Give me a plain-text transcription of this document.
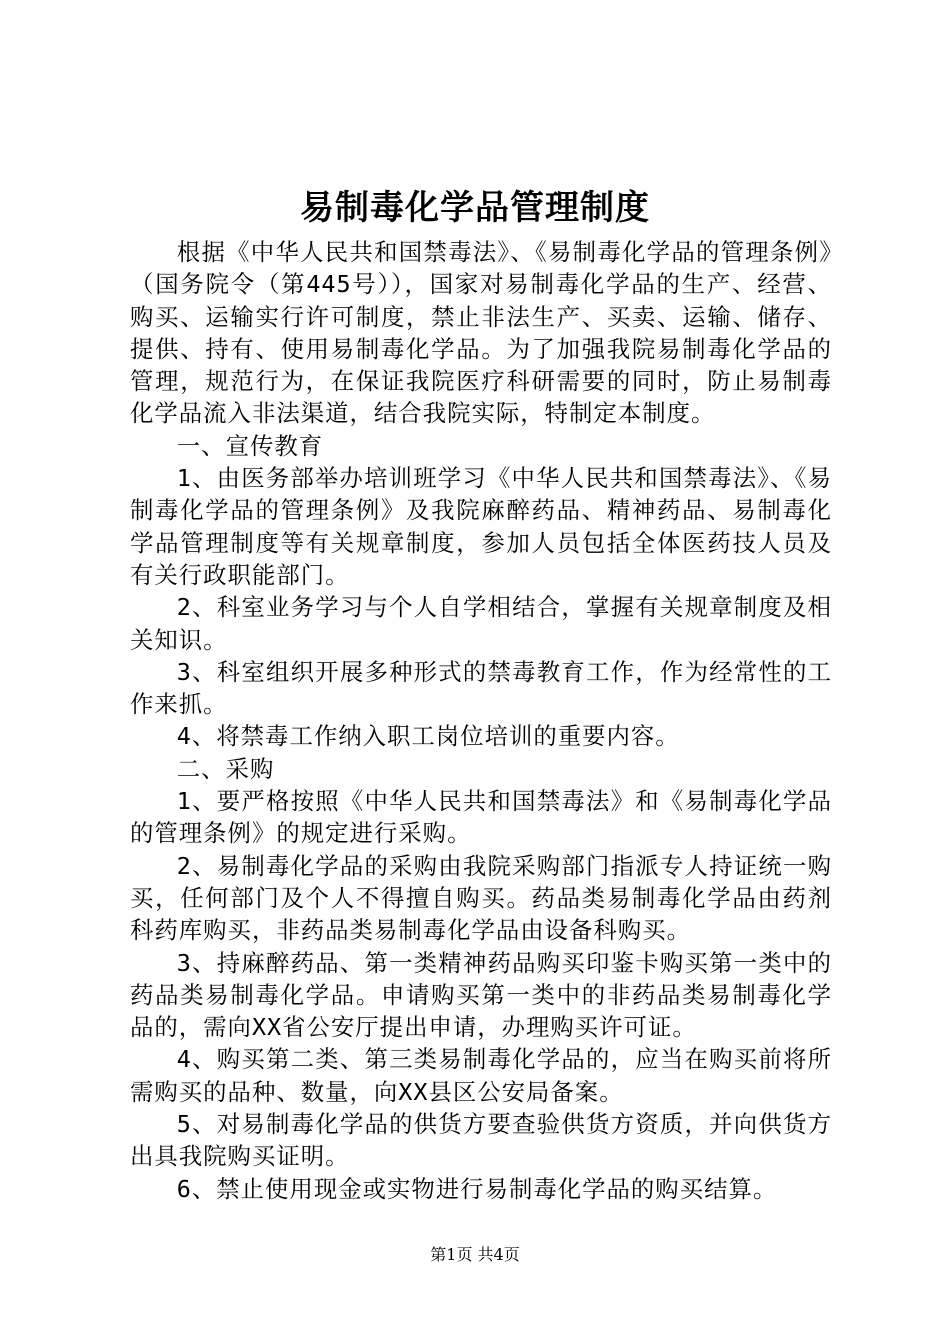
易制毒化学品管理制度

根据《中华人民共和国禁毒法》、《易制毒化学品的管理条例》（国务院令（第445号）），国家对易制毒化学品的生产、经营、购买、运输实行许可制度，禁止非法生产、买卖、运输、储存、提供、持有、使用易制毒化学品。为了加强我院易制毒化学品的管理，规范行为，在保证我院医疗科研需要的同时，防止易制毒化学品流入非法渠道，结合我院实际，特制定本制度。

一、宣传教育

1、由医务部举办培训班学习《中华人民共和国禁毒法》、《易制毒化学品的管理条例》及我院麻醉药品、精神药品、易制毒化学品管理制度等有关规章制度，参加人员包括全体医药技人员及有关行政职能部门。

2、科室业务学习与个人自学相结合，掌握有关规章制度及相关知识。

3、科室组织开展多种形式的禁毒教育工作，作为经常性的工作来抓。

4、将禁毒工作纳入职工岗位培训的重要内容。

二、采购

1、要严格按照《中华人民共和国禁毒法》和《易制毒化学品的管理条例》的规定进行采购。

2、易制毒化学品的采购由我院采购部门指派专人持证统一购买，任何部门及个人不得擅自购买。药品类易制毒化学品由药剂科药库购买，非药品类易制毒化学品由设备科购买。

3、持麻醉药品、第一类精神药品购买印鉴卡购买第一类中的药品类易制毒化学品。申请购买第一类中的非药品类易制毒化学品的，需向XX省公安厅提出申请，办理购买许可证。

4、购买第二类、第三类易制毒化学品的，应当在购买前将所需购买的品种、数量，向XX县区公安局备案。

5、对易制毒化学品的供货方要查验供货方资质，并向供货方出具我院购买证明。

6、禁止使用现金或实物进行易制毒化学品的购买结算。

第1页 共4页
